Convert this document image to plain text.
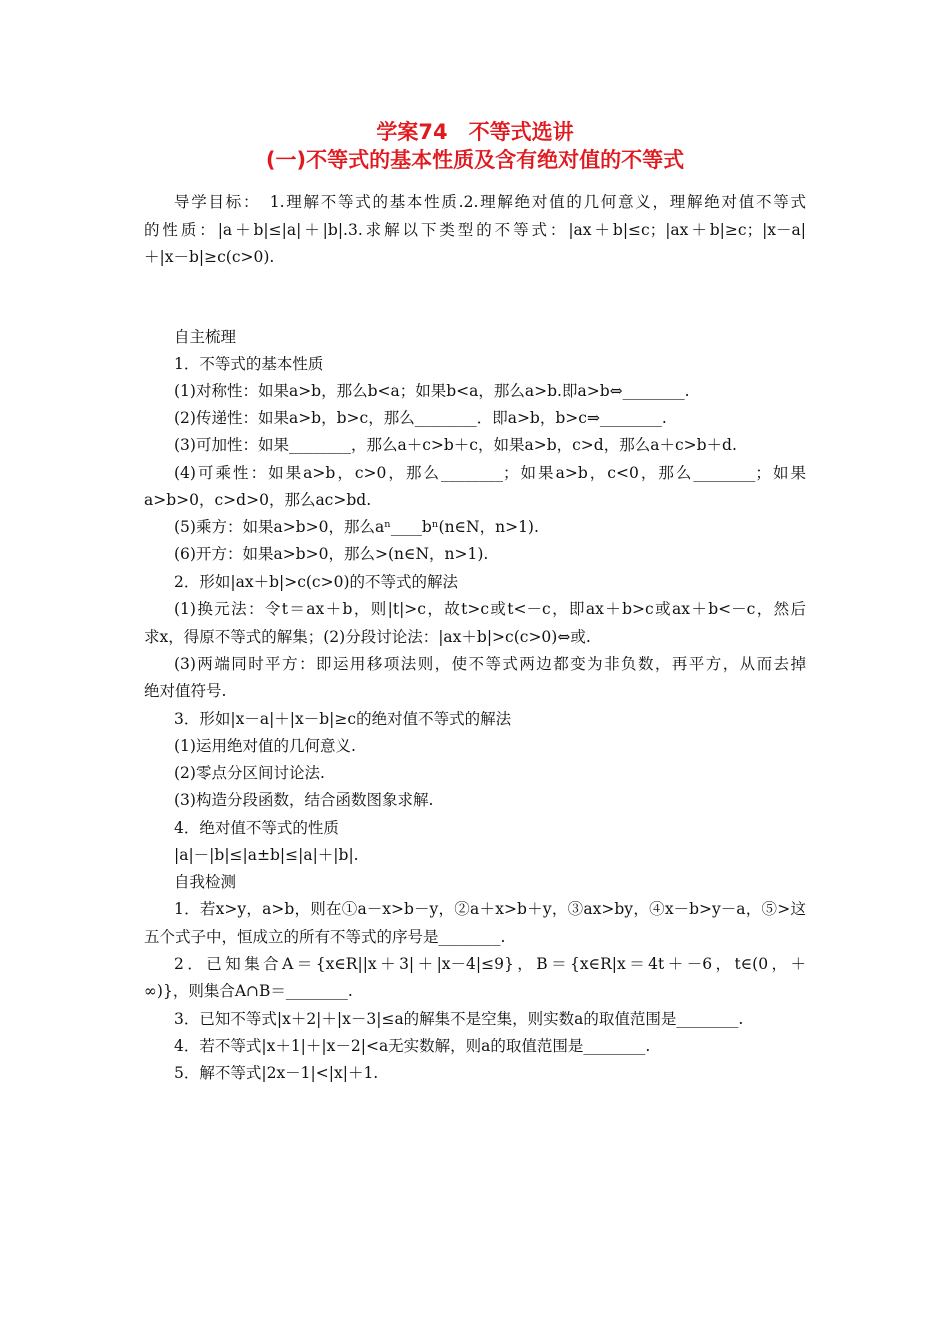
学案74　不等式选讲
(一)不等式的基本性质及含有绝对值的不等式
导学目标：　1.理解不等式的基本性质.2.理解绝对值的几何意义，理解绝对值不等式
的性质：|a＋b|≤|a|＋|b|.3.求解以下类型的不等式：|ax＋b|≤c；|ax＋b|≥c；|x－a|
＋|x－b|≥c(c>0).
自主梳理
1．不等式的基本性质
(1)对称性：如果a>b，那么b<a；如果b<a，那么a>b.即a>b⇔________.
(2)传递性：如果a>b，b>c，那么________．即a>b，b>c⇒________.
(3)可加性：如果________，那么a＋c>b＋c，如果a>b，c>d，那么a＋c>b＋d.
(4)可乘性：如果a>b，c>0，那么________；如果a>b，c<0，那么________；如果
a>b>0，c>d>0，那么ac>bd.
(5)乘方：如果a>b>0，那么aⁿ____bⁿ(n∈N，n>1).
(6)开方：如果a>b>0，那么>(n∈N，n>1).
2．形如|ax＋b|>c(c>0)的不等式的解法
(1)换元法：令t＝ax＋b，则|t|>c，故t>c或t<－c，即ax＋b>c或ax＋b<－c，然后
求x，得原不等式的解集；(2)分段讨论法：|ax＋b|>c(c>0)⇔或.
(3)两端同时平方：即运用移项法则，使不等式两边都变为非负数，再平方，从而去掉
绝对值符号.
3．形如|x－a|＋|x－b|≥c的绝对值不等式的解法
(1)运用绝对值的几何意义.
(2)零点分区间讨论法.
(3)构造分段函数，结合函数图象求解.
4．绝对值不等式的性质
|a|－|b|≤|a±b|≤|a|＋|b|.
自我检测
1．若x>y，a>b，则在①a－x>b－y，②a＋x>b＋y，③ax>by，④x－b>y－a，⑤>这
五个式子中，恒成立的所有不等式的序号是________.
2．已知集合A＝{x∈R||x＋3|＋|x－4|≤9}，B＝{x∈R|x＝4t＋－6，t∈(0，＋
∞)}，则集合A∩B＝________.
3．已知不等式|x＋2|＋|x－3|≤a的解集不是空集，则实数a的取值范围是________.
4．若不等式|x＋1|＋|x－2|<a无实数解，则a的取值范围是________.
5．解不等式|2x－1|<|x|＋1.
